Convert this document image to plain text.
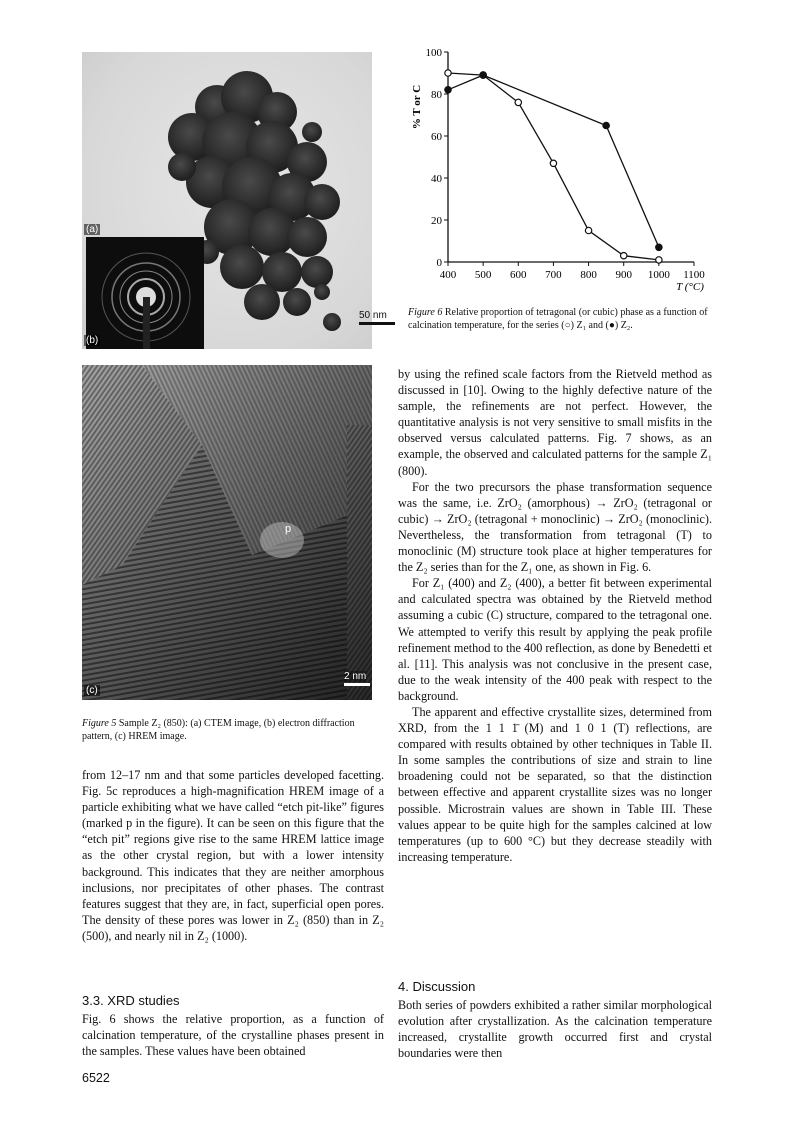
(a)
(b)
50 nm
p
(c)
2 nm
Figure 5 Sample Z₂ (850): (a) CTEM image, (b) electron diffraction pattern, (c) HREM image.
0
20
40
60
80
100
400 500 600 700 800 900 1000 1100
T (°C)
% T or C
Figure 6 Relative proportion of tetragonal (or cubic) phase as a function of calcination temperature, for the series (○) Z₁ and (●) Z₂.

from 12–17 nm and that some particles developed facetting. Fig. 5c reproduces a high-magnification HREM image of a particle exhibiting what we have called “etch pit-like” figures (marked p in the figure). It can be seen on this figure that the “etch pit” regions give rise to the same HREM lattice image as the other crystal region, but with a lower intensity background. This indicates that they are neither amorphous inclusions, nor precipitates of other phases. The contrast features suggest that they are, in fact, superficial open pores. The density of these pores was lower in Z₂ (850) than in Z₂ (500), and nearly nil in Z₂ (1000).

3.3. XRD studies

Fig. 6 shows the relative proportion, as a function of calcination temperature, of the crystalline phases present in the samples. These values have been obtained

6522

by using the refined scale factors from the Rietveld method as discussed in [10]. Owing to the highly defective nature of the sample, the refinements are not perfect. However, the quantitative analysis is not very sensitive to small misfits in the observed versus calculated patterns. Fig. 7 shows, as an example, the observed and calculated patterns for the sample Z₁ (800).

For the two precursors the phase transformation sequence was the same, i.e. ZrO₂ (amorphous) → ZrO₂ (tetragonal or cubic) → ZrO₂ (tetragonal + monoclinic) → ZrO₂ (monoclinic). Nevertheless, the transformation from tetragonal (T) to monoclinic (M) structure took place at higher temperatures for the Z₂ series than for the Z₁ one, as shown in Fig. 6.

For Z₁ (400) and Z₂ (400), a better fit between experimental and calculated spectra was obtained by the Rietveld method assuming a cubic (C) structure, compared to the tetragonal one. We attempted to verify this result by applying the peak profile refinement method to the 400 reflection, as done by Benedetti et al. [11]. This analysis was not conclusive in the present case, due to the weak intensity of the 400 peak with respect to the background.

The apparent and effective crystallite sizes, determined from XRD, from the 1 1 1̄ (M) and 1 0 1 (T) reflections, are compared with results obtained by other techniques in Table II. In some samples the contributions of size and strain to line broadening could not be separated, so that the distinction between effective and apparent crystallite sizes was no longer possible. Microstrain values are shown in Table III. These values appear to be quite high for the samples calcined at low temperatures (up to 600 °C) but they decrease steadily with increasing temperature.

4. Discussion

Both series of powders exhibited a rather similar morphological evolution after crystallization. As the calcination temperature increased, crystallite growth occurred first and crystal boundaries were then
